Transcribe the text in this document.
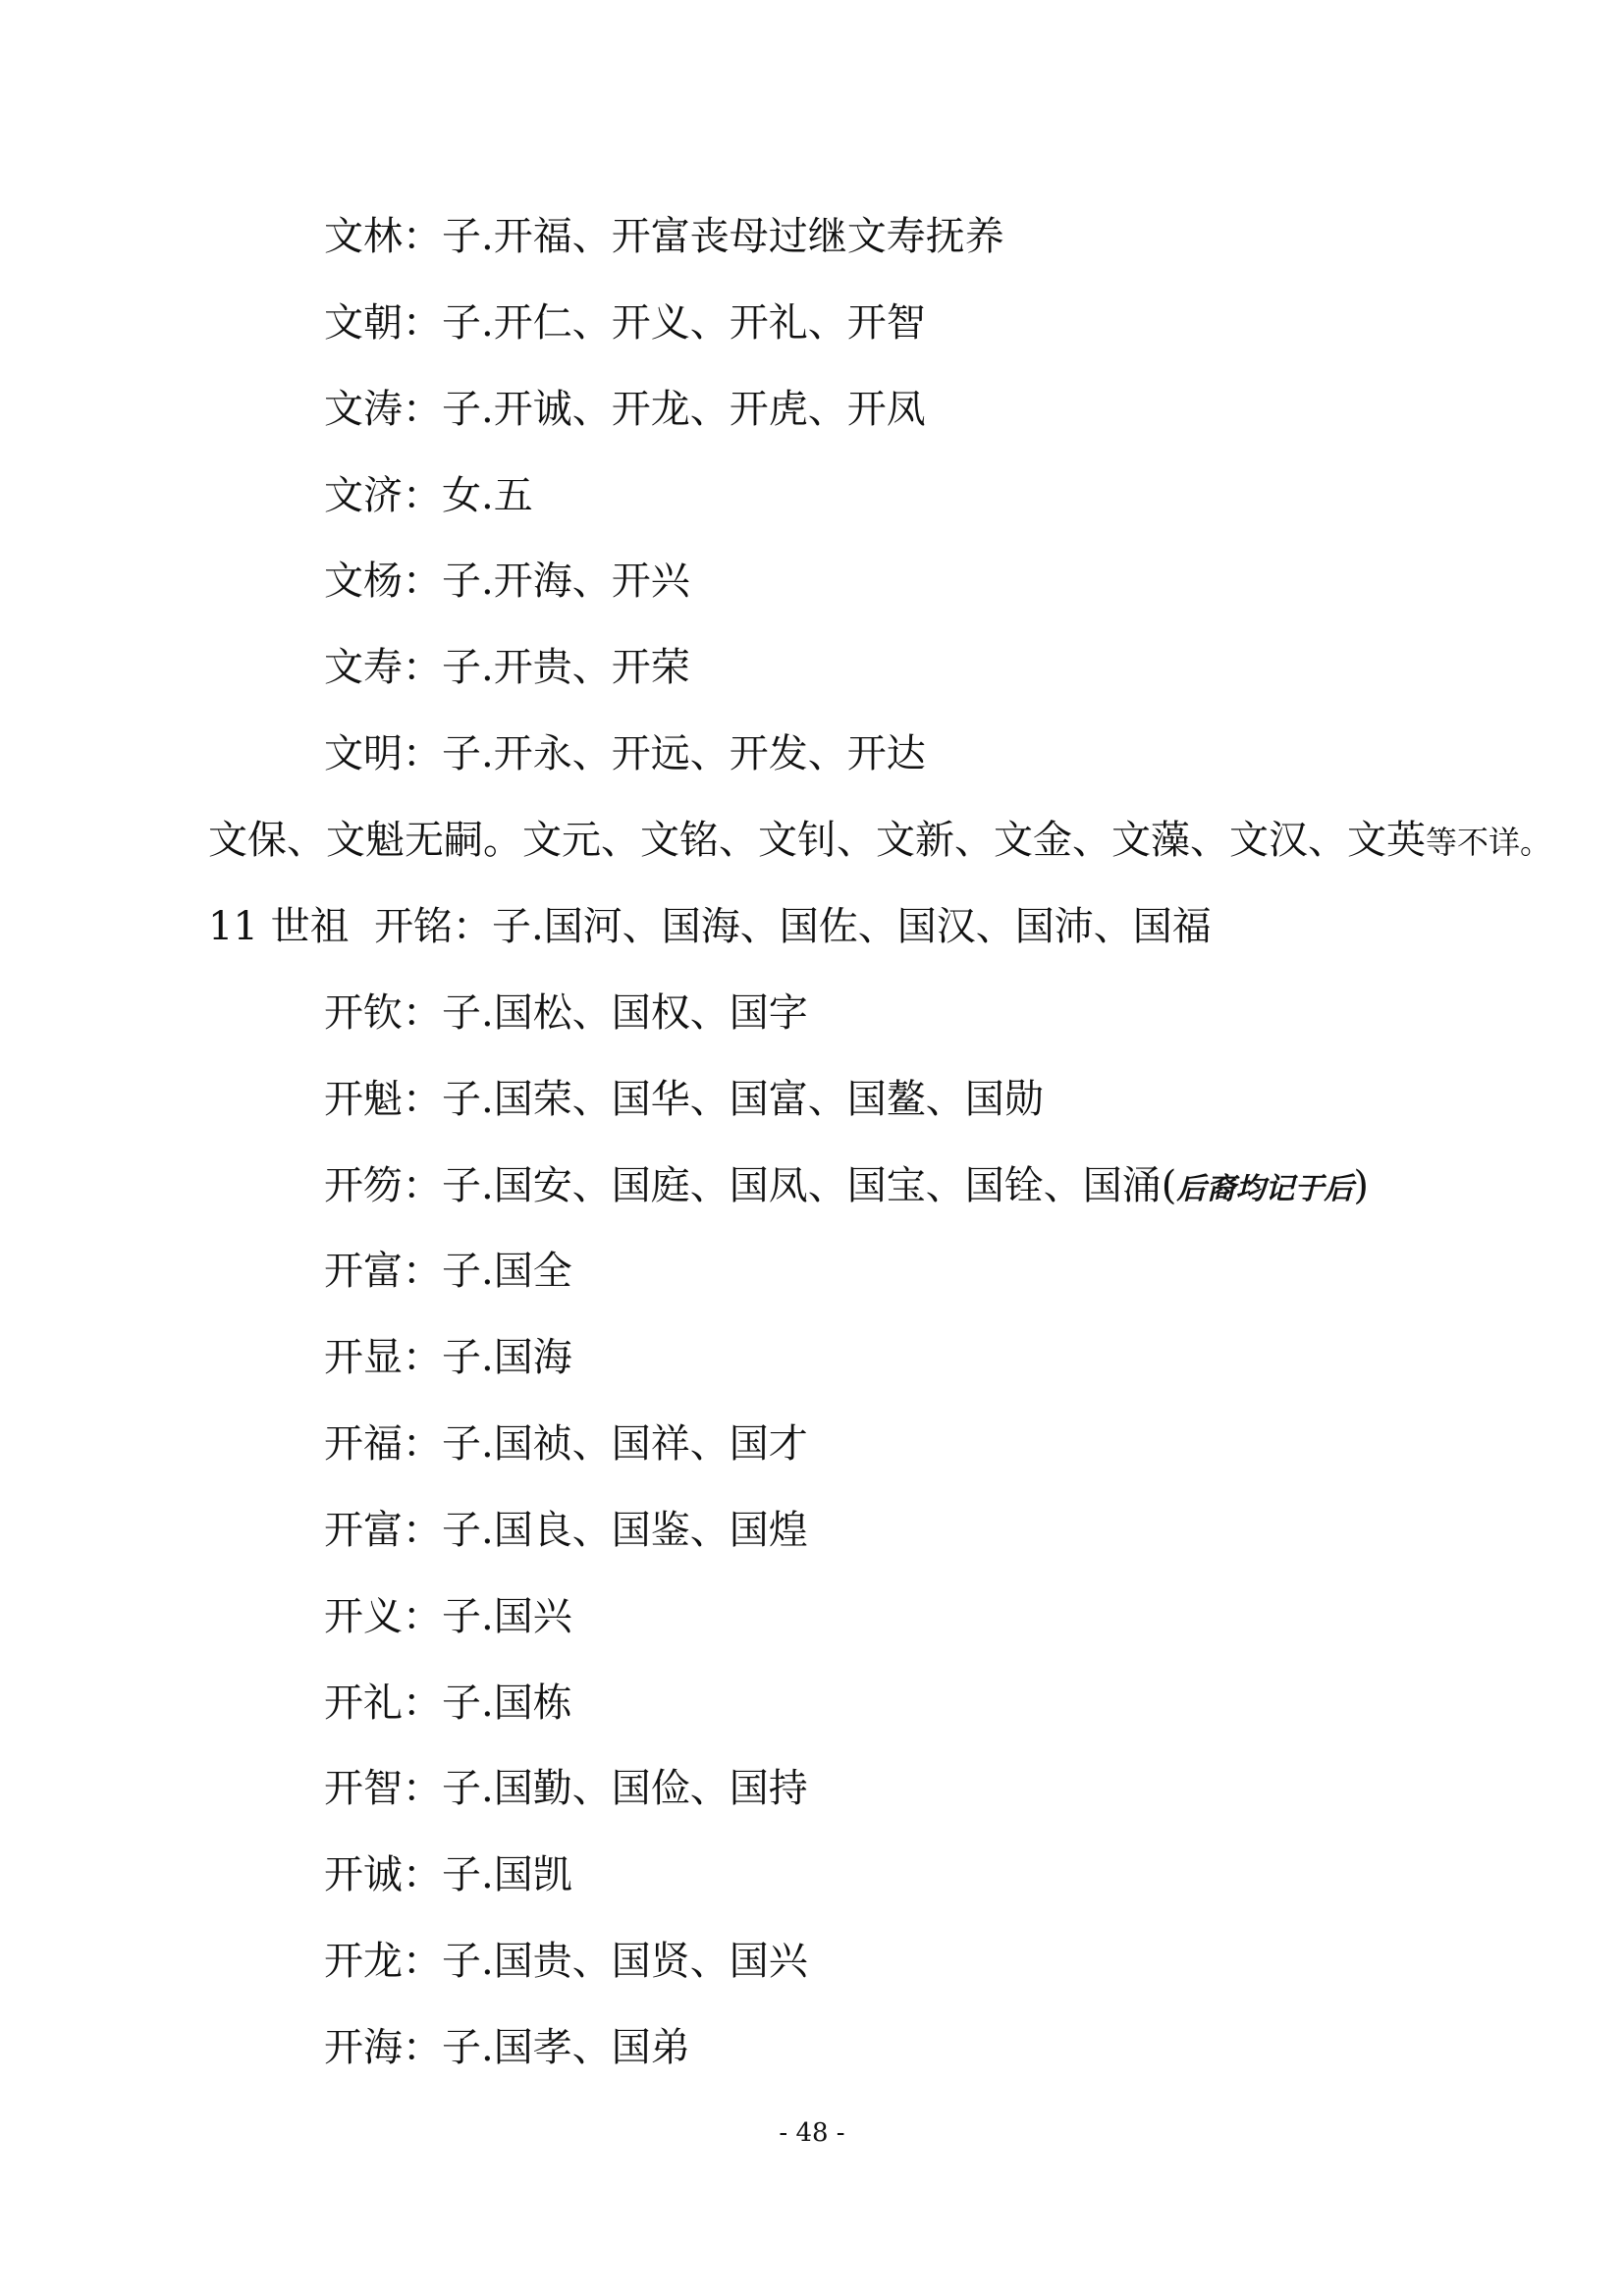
文林：子.开福、开富丧母过继文寿抚养
文朝：子.开仁、开义、开礼、开智
文涛：子.开诚、开龙、开虎、开凤
文济：女.五
文杨：子.开海、开兴
文寿：子.开贵、开荣
文明：子.开永、开远、开发、开达
文保、文魁无嗣。文元、文铭、文钊、文新、文金、文藻、文汉、文英等不详。
11 世祖 开铭：子.国河、国海、国佐、国汉、国沛、国福
开钦：子.国松、国权、国字
开魁：子.国荣、国华、国富、国鳌、国勋
开笏：子.国安、国庭、国凤、国宝、国铨、国涌(后裔均记于后)
开富：子.国全
开显：子.国海
开福：子.国祯、国祥、国才
开富：子.国良、国鉴、国煌
开义：子.国兴
开礼：子.国栋
开智：子.国勤、国俭、国持
开诚：子.国凯
开龙：子.国贵、国贤、国兴
开海：子.国孝、国弟
- 48 -
